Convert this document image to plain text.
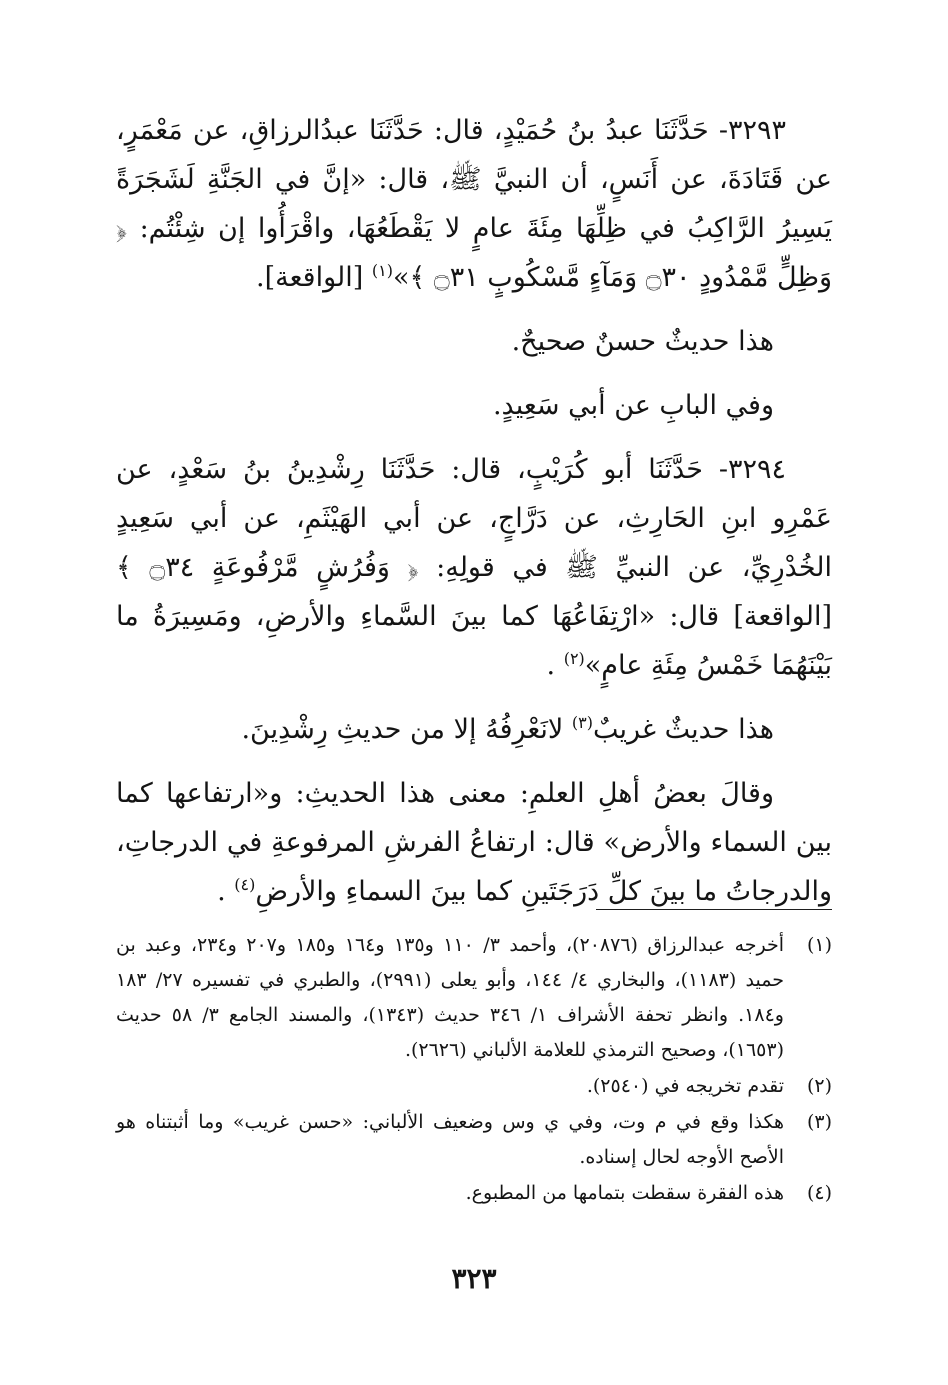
٣٢٩٣- حَدَّثَنَا عبدُ بنُ حُمَيْدٍ، قال: حَدَّثَنَا عبدُالرزاقِ، عن مَعْمَرٍ، عن قَتَادَةَ، عن أَنَسٍ، أن النبيَّ ﷺ، قال: «إنَّ في الجَنَّةِ لَشَجَرَةً يَسِيرُ الرَّاكِبُ في ظِلِّهَا مِئَةَ عامٍ لا يَقْطَعُهَا، واقْرَأُوا إن شِئْتُم: ﴿ وَظِلٍّ مَّمْدُودٍ ۝٣٠ وَمَآءٍ مَّسْكُوبٍ ۝٣١ ﴾»$^{(١)}$ [الواقعة].

هذا حديثٌ حسنٌ صحيحٌ.

وفي البابِ عن أبي سَعِيدٍ.

٣٢٩٤- حَدَّثَنَا أبو كُرَيْبٍ، قال: حَدَّثَنَا رِشْدِينُ بنُ سَعْدٍ، عن عَمْرِو ابنِ الحَارِثِ، عن دَرَّاجٍ، عن أبي الهَيْثَمِ، عن أبي سَعِيدٍ الخُدْرِيِّ، عن النبيِّ ﷺ في قولِهِ: ﴿ وَفُرُشٍ مَّرْفُوعَةٍ ۝٣٤ ﴾ [الواقعة] قال: «ارْتِفَاعُهَا كما بينَ السَّماءِ والأرضِ، ومَسِيرَةُ ما بَيْنَهُمَا خَمْسُ مِئَةِ عامٍ»$^{(٢)}$ .

هذا حديثٌ غريبٌ$^{(٣)}$ لانَعْرِفُهُ إلا من حديثِ رِشْدِينَ.

وقالَ بعضُ أهلِ العلمِ: معنى هذا الحديثِ: و«ارتفاعها كما بين السماء والأرض» قال: ارتفاعُ الفرشِ المرفوعةِ في الدرجاتِ، والدرجاتُ ما بينَ كلِّ دَرَجَتَينِ كما بينَ السماءِ والأرضِ$^{(٤)}$ .

(١)
أخرجه عبدالرزاق (٢٠٨٧٦)، وأحمد ٣/ ١١٠ و١٣٥ و١٦٤ و١٨٥ و٢٠٧ و٢٣٤، وعبد بن حميد (١١٨٣)، والبخاري ٤/ ١٤٤، وأبو يعلى (٢٩٩١)، والطبري في تفسيره ٢٧/ ١٨٣ و١٨٤. وانظر تحفة الأشراف ١/ ٣٤٦ حديث (١٣٤٣)، والمسند الجامع ٣/ ٥٨ حديث (١٦٥٣)، وصحيح الترمذي للعلامة الألباني (٢٦٢٦).
(٢)
تقدم تخريجه في (٢٥٤٠).
(٣)
هكذا وقع في م وت، وفي ي وس وضعيف الألباني: «حسن غريب» وما أثبتناه هو الأصح الأوجه لحال إسناده.
(٤)
هذه الفقرة سقطت بتمامها من المطبوع.
٣٢٣
